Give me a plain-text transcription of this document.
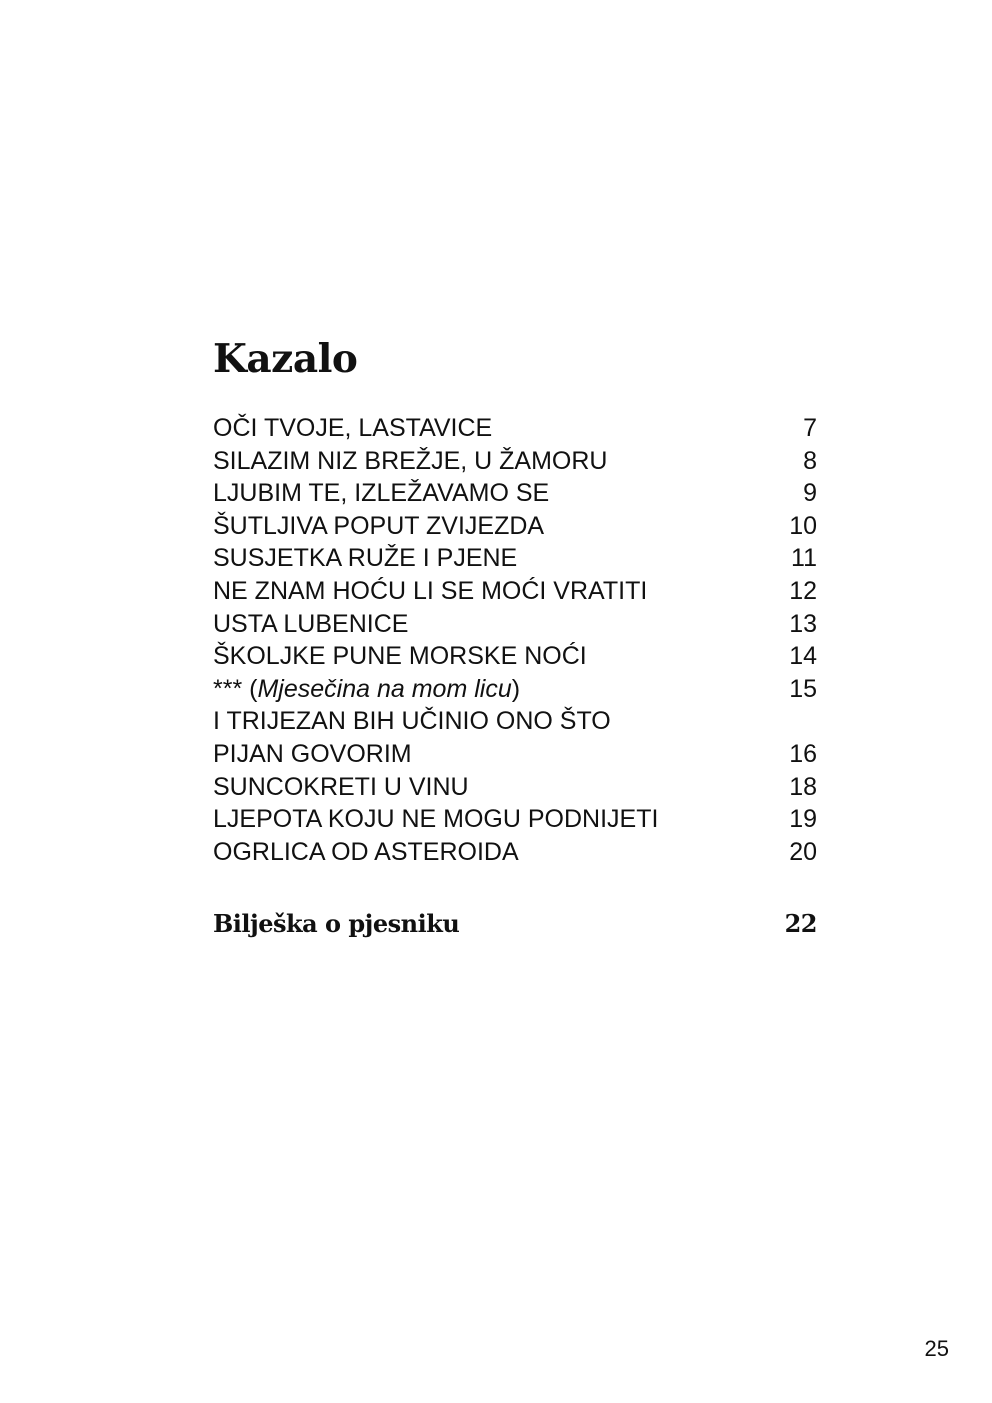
Kazalo
OČI TVOJE, LASTAVICE	7
SILAZIM NIZ BREŽJE, U ŽAMORU	8
LJUBIM TE, IZLEŽAVAMO SE	9
ŠUTLJIVA POPUT ZVIJEZDA	10
SUSJETKA RUŽE I PJENE	11
NE ZNAM HOĆU LI SE MOĆI VRATITI	12
USTA LUBENICE	13
ŠKOLJKE PUNE MORSKE NOĆI	14
*** (Mjesečina na mom licu)	15
I TRIJEZAN BIH UČINIO ONO ŠTO
PIJAN GOVORIM	16
SUNCOKRETI U VINU	18
LJEPOTA KOJU NE MOGU PODNIJETI	19
OGRLICA OD ASTEROIDA	20
Bilješka o pjesniku	22
25
